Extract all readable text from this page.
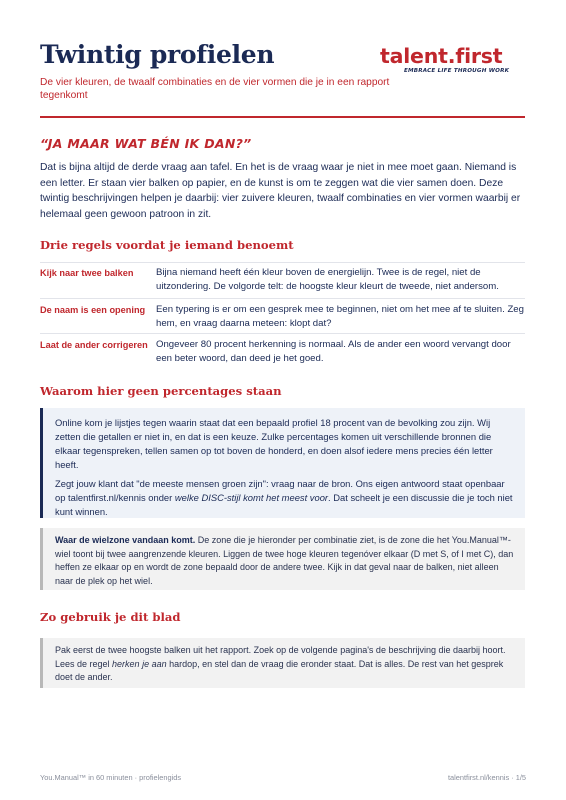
Twintig profielen
De vier kleuren, de twaalf combinaties en de vier vormen die je in een rapport tegenkomt
talent.first
EMBRACE LIFE THROUGH WORK
“JA MAAR WAT BÉN IK DAN?”
Dat is bijna altijd de derde vraag aan tafel. En het is de vraag waar je niet in mee moet gaan. Niemand is een letter. Er staan vier balken op papier, en de kunst is om te zeggen wat die vier samen doen. Deze twintig beschrijvingen helpen je daarbij: vier zuivere kleuren, twaalf combinaties en vier vormen waarbij er helemaal geen gewoon patroon in zit.
Drie regels voordat je iemand benoemt
Kijk naar twee balken	Bijna niemand heeft één kleur boven de energielijn. Twee is de regel, niet de uitzondering. De volgorde telt: de hoogste kleur kleurt de tweede, niet andersom.
De naam is een opening	Een typering is er om een gesprek mee te beginnen, niet om het mee af te sluiten. Zeg hem, en vraag daarna meteen: klopt dat?
Laat de ander corrigeren	Ongeveer 80 procent herkenning is normaal. Als de ander een woord vervangt door een beter woord, dan deed je het goed.
Waarom hier geen percentages staan

Online kom je lijstjes tegen waarin staat dat een bepaald profiel 18 procent van de bevolking zou zijn. Wij zetten die getallen er niet in, en dat is een keuze. Zulke percentages komen uit verschillende bronnen die elkaar tegenspreken, tellen samen op tot boven de honderd, en doen alsof iedere mens precies één letter heeft.

Zegt jouw klant dat "de meeste mensen groen zijn": vraag naar de bron. Ons eigen antwoord staat openbaar op talentfirst.nl/kennis onder welke DISC-stijl komt het meest voor. Dat scheelt je een discussie die je toch niet kunt winnen.

Waar de wielzone vandaan komt. De zone die je hieronder per combinatie ziet, is de zone die het You.Manual™-wiel toont bij twee aangrenzende kleuren. Liggen de twee hoge kleuren tegenóver elkaar (D met S, of I met C), dan heffen ze elkaar op en wordt de zone bepaald door de andere twee. Kijk in dat geval naar de balken, niet alleen naar de plek op het wiel.

Zo gebruik je dit blad

Pak eerst de twee hoogste balken uit het rapport. Zoek op de volgende pagina's de beschrijving die daarbij hoort. Lees de regel herken je aan hardop, en stel dan de vraag die eronder staat. Dat is alles. De rest van het gesprek doet de ander.

You.Manual™ in 60 minuten · profielengids	talentfirst.nl/kennis · 1/5
